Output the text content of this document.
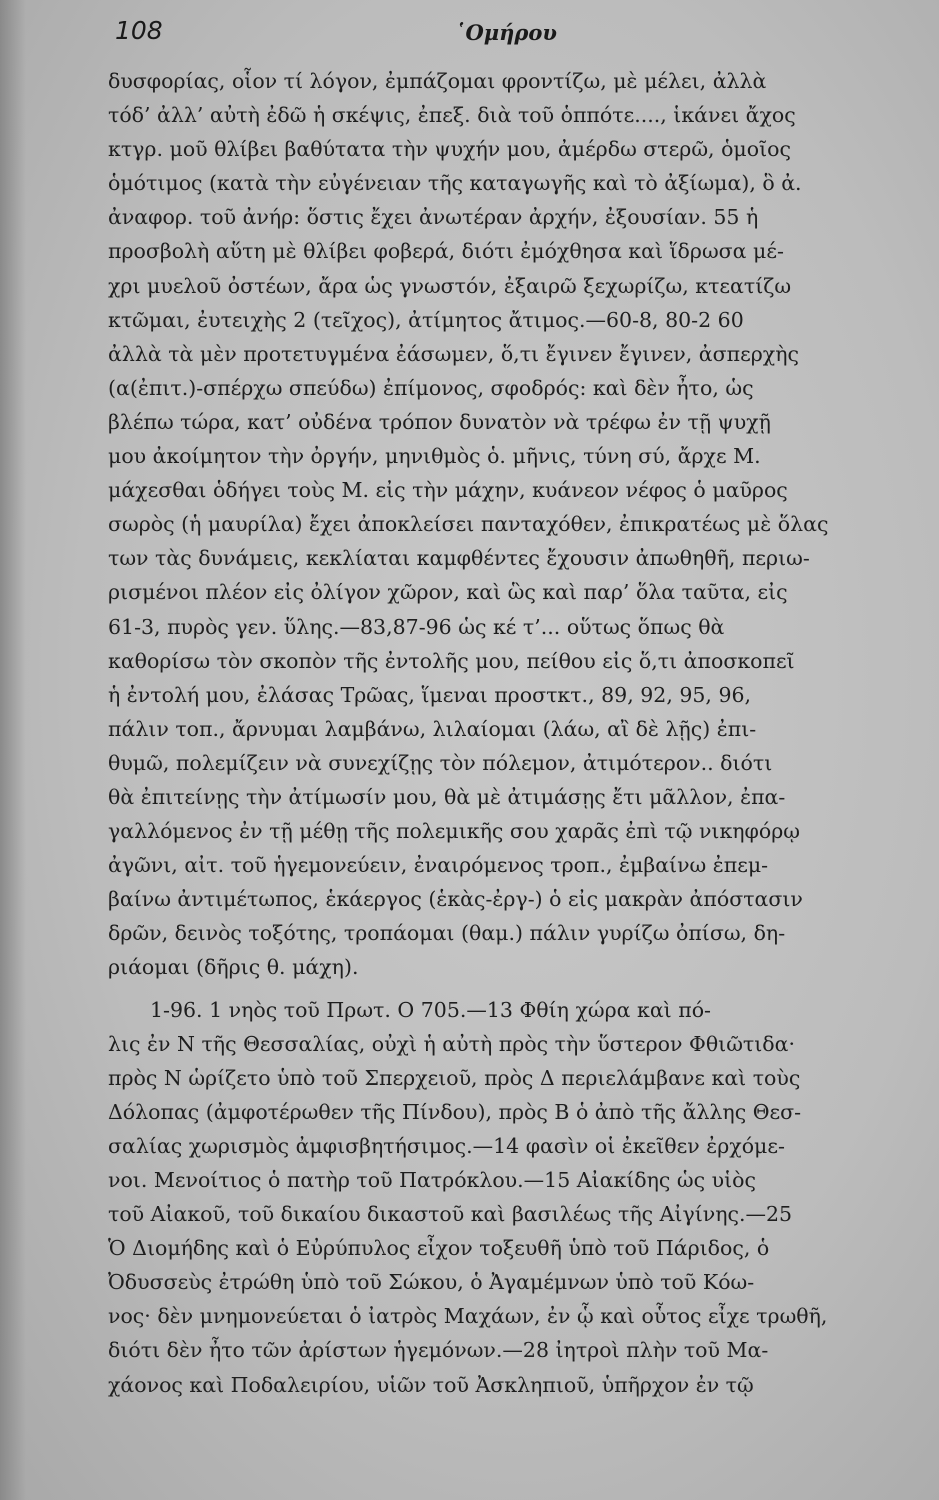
108	῾Ομήρου
δυσφορίας, οἷον τί λόγον, ἐμπάζομαι φροντίζω, μὲ μέλει, ἀλλὰ
τόδ’ ἀλλ’ αὐτὴ ἐδῶ ἡ σκέψις, ἐπεξ. διὰ τοῦ ὁππότε...., ἱκάνει ἄχος
κτγρ. μοῦ θλίβει βαθύτατα τὴν ψυχήν μου, ἀμέρδω στερῶ, ὁμοῖος
ὁμότιμος (κατὰ τὴν εὐγένειαν τῆς καταγωγῆς καὶ τὸ ἀξίωμα), ὃ ἀ.
ἀναφορ. τοῦ ἀνήρ: ὅστις ἔχει ἀνωτέραν ἀρχήν, ἐξουσίαν. 55 ἡ
προσβολὴ αὕτη μὲ θλίβει φοβερά, διότι ἐμόχθησα καὶ ἵδρωσα μέ-
χρι μυελοῦ ὀστέων, ἄρα ὡς γνωστόν, ἐξαιρῶ ξεχωρίζω, κτεατίζω
κτῶμαι, ἐυτειχὴς 2 (τεῖχος), ἀτίμητος ἄτιμος.—60-8, 80-2 60
ἀλλὰ τὰ μὲν προτετυγμένα ἐάσωμεν, ὅ,τι ἔγινεν ἔγινεν, ἀσπερχὴς
(α(ἐπιτ.)-σπέρχω σπεύδω) ἐπίμονος, σφοδρός: καὶ δὲν ἦτο, ὡς
βλέπω τώρα, κατ’ οὐδένα τρόπον δυνατὸν νὰ τρέφω ἐν τῇ ψυχῇ
μου ἀκοίμητον τὴν ὀργήν, μηνιθμὸς ὁ. μῆνις, τύνη σύ, ἄρχε Μ.
μάχεσθαι ὁδήγει τοὺς Μ. εἰς τὴν μάχην, κυάνεον νέφος ὁ μαῦρος
σωρὸς (ἡ μαυρίλα) ἔχει ἀποκλείσει πανταχόθεν, ἐπικρατέως μὲ ὅλας
των τὰς δυνάμεις, κεκλίαται καμφθέντες ἔχουσιν ἀπωθηθῆ, περιω-
ρισμένοι πλέον εἰς ὀλίγον χῶρον, καὶ ὣς καὶ παρ’ ὅλα ταῦτα, εἰς
61-3, πυρὸς γεν. ὕλης.—83,87-96 ὡς κέ τ’... οὕτως ὅπως θὰ
καθορίσω τὸν σκοπὸν τῆς ἐντολῆς μου, πείθου εἰς ὅ,τι ἀποσκοπεῖ
ἡ ἐντολή μου, ἐλάσας Τρῶας, ἵμεναι προστκτ., 89, 92, 95, 96,
πάλιν τοπ., ἄρνυμαι λαμβάνω, λιλαίομαι (λάω, αἲ δὲ λῇς) ἐπι-
θυμῶ, πολεμίζειν νὰ συνεχίζῃς τὸν πόλεμον, ἀτιμότερον.. διότι
θὰ ἐπιτείνῃς τὴν ἀτίμωσίν μου, θὰ μὲ ἀτιμάσῃς ἔτι μᾶλλον, ἐπα-
γαλλόμενος ἐν τῇ μέθῃ τῆς πολεμικῆς σου χαρᾶς ἐπὶ τῷ νικηφόρῳ
ἀγῶνι, αἰτ. τοῦ ἡγεμονεύειν, ἐναιρόμενος τροπ., ἐμβαίνω ἐπεμ-
βαίνω ἀντιμέτωπος, ἑκάεργος (ἑκὰς-ἐργ-) ὁ εἰς μακρὰν ἀπόστασιν
δρῶν, δεινὸς τοξότης, τροπάομαι (θαμ.) πάλιν γυρίζω ὀπίσω, δη-
ριάομαι (δῆρις θ. μάχη).
1-96. 1 νηὸς τοῦ Πρωτ. Ο 705.—13 Φθίη χώρα καὶ πό-
λις ἐν Ν τῆς Θεσσαλίας, οὐχὶ ἡ αὐτὴ πρὸς τὴν ὕστερον Φθιῶτιδα·
πρὸς Ν ὡρίζετο ὑπὸ τοῦ Σπερχειοῦ, πρὸς Δ περιελάμβανε καὶ τοὺς
Δόλοπας (ἀμφοτέρωθεν τῆς Πίνδου), πρὸς Β ὁ ἀπὸ τῆς ἄλλης Θεσ-
σαλίας χωρισμὸς ἀμφισβητήσιμος.—14 φασὶν οἱ ἐκεῖθεν ἐρχόμε-
νοι. Μενοίτιος ὁ πατὴρ τοῦ Πατρόκλου.—15 Αἰακίδης ὡς υἱὸς
τοῦ Αἰακοῦ, τοῦ δικαίου δικαστοῦ καὶ βασιλέως τῆς Αἰγίνης.—25
Ὁ Διομήδης καὶ ὁ Εὐρύπυλος εἶχον τοξευθῆ ὑπὸ τοῦ Πάριδος, ὁ
Ὀδυσσεὺς ἐτρώθη ὑπὸ τοῦ Σώκου, ὁ Ἀγαμέμνων ὑπὸ τοῦ Κόω-
νος· δὲν μνημονεύεται ὁ ἰατρὸς Μαχάων, ἐν ᾧ καὶ οὗτος εἶχε τρωθῆ,
διότι δὲν ἦτο τῶν ἀρίστων ἡγεμόνων.—28 ἰητροὶ πλὴν τοῦ Μα-
χάονος καὶ Ποδαλειρίου, υἱῶν τοῦ Ἀσκληπιοῦ, ὑπῆρχον ἐν τῷ
